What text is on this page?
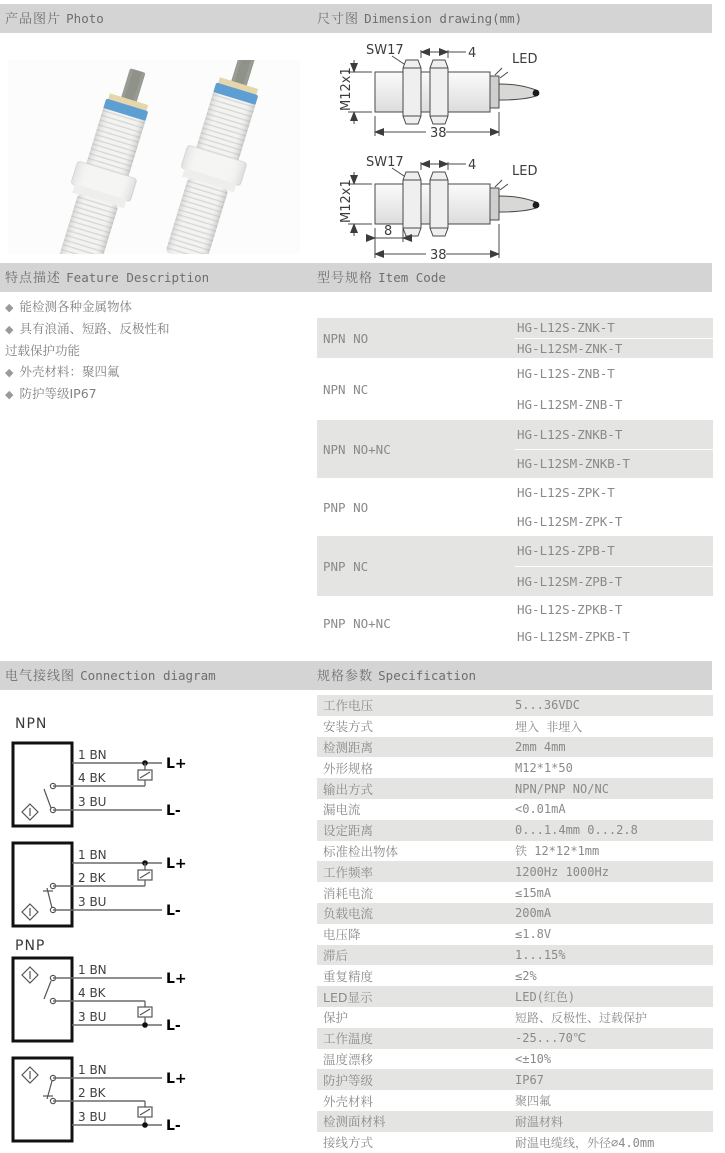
产品图片 Photo	尺寸图 Dimension drawing(mm)
SW17
LED
4
M12x1
38
SW17
LED
4
M12x1
8
38
特点描述 Feature Description	型号规格 Item Code
◆ 能检测各种金属物体
◆ 具有浪涌、短路、反极性和
过载保护功能
◆ 外壳材料：聚四氟
◆ 防护等级IP67
NPN NO
HG-L12S-ZNK-T
HG-L12SM-ZNK-T
NPN NC
HG-L12S-ZNB-T
HG-L12SM-ZNB-T
NPN NO+NC
HG-L12S-ZNKB-T
HG-L12SM-ZNKB-T
PNP NO
HG-L12S-ZPK-T
HG-L12SM-ZPK-T
PNP NC
HG-L12S-ZPB-T
HG-L12SM-ZPB-T
PNP NO+NC
HG-L12S-ZPKB-T
HG-L12SM-ZPKB-T
电气接线图 Connection diagram	规格参数 Specification
NPN
1 BN
4 BK
3 BU
L+
L-
1 BN
2 BK
3 BU
L+
L-
PNP
1 BN
4 BK
3 BU
L+
L-
1 BN
2 BK
3 BU
L+
L-
工作电压	5...36VDC
安装方式	埋入 非埋入
检测距离	2mm 4mm
外形规格	M12*1*50
输出方式	NPN/PNP NO/NC
漏电流	<0.01mA
设定距离	0...1.4mm 0...2.8
标准检出物体	铁 12*12*1mm
工作频率	1200Hz 1000Hz
消耗电流	≤15mA
负载电流	200mA
电压降	≤1.8V
滞后	1...15%
重复精度	≤2%
LED显示	LED(红色)
保护	短路、反极性、过载保护
工作温度	-25...70℃
温度漂移	<±10%
防护等级	IP67
外壳材料	聚四氟
检测面材料	耐温材料
接线方式	耐温电缆线，外径∅4.0mm
